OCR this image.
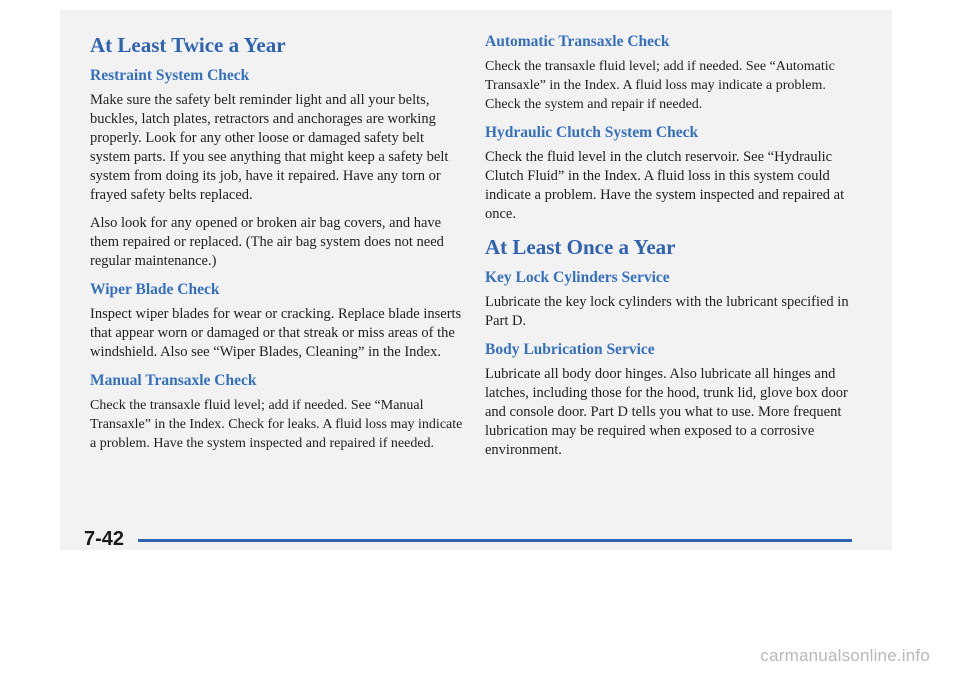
At Least Twice a Year
Restraint System Check

Make sure the safety belt reminder light and all your belts, buckles, latch plates, retractors and anchorages are working properly. Look for any other loose or damaged safety belt system parts. If you see anything that might keep a safety belt system from doing its job, have it repaired. Have any torn or frayed safety belts replaced.

Also look for any opened or broken air bag covers, and have them repaired or replaced. (The air bag system does not need regular maintenance.)

Wiper Blade Check

Inspect wiper blades for wear or cracking. Replace blade inserts that appear worn or damaged or that streak or miss areas of the windshield. Also see “Wiper Blades, Cleaning” in the Index.

Manual Transaxle Check

Check the transaxle fluid level; add if needed. See “Manual Transaxle” in the Index. Check for leaks. A fluid loss may indicate a problem. Have the system inspected and repaired if needed.

Automatic Transaxle Check

Check the transaxle fluid level; add if needed. See “Automatic Transaxle” in the Index. A fluid loss may indicate a problem. Check the system and repair if needed.

Hydraulic Clutch System Check

Check the fluid level in the clutch reservoir. See “Hydraulic Clutch Fluid” in the Index. A fluid loss in this system could indicate a problem. Have the system inspected and repaired at once.

At Least Once a Year
Key Lock Cylinders Service

Lubricate the key lock cylinders with the lubricant specified in Part D.

Body Lubrication Service

Lubricate all body door hinges. Also lubricate all hinges and latches, including those for the hood, trunk lid, glove box door and console door. Part D tells you what to use. More frequent lubrication may be required when exposed to a corrosive environment.

7-42
carmanualsonline.info
